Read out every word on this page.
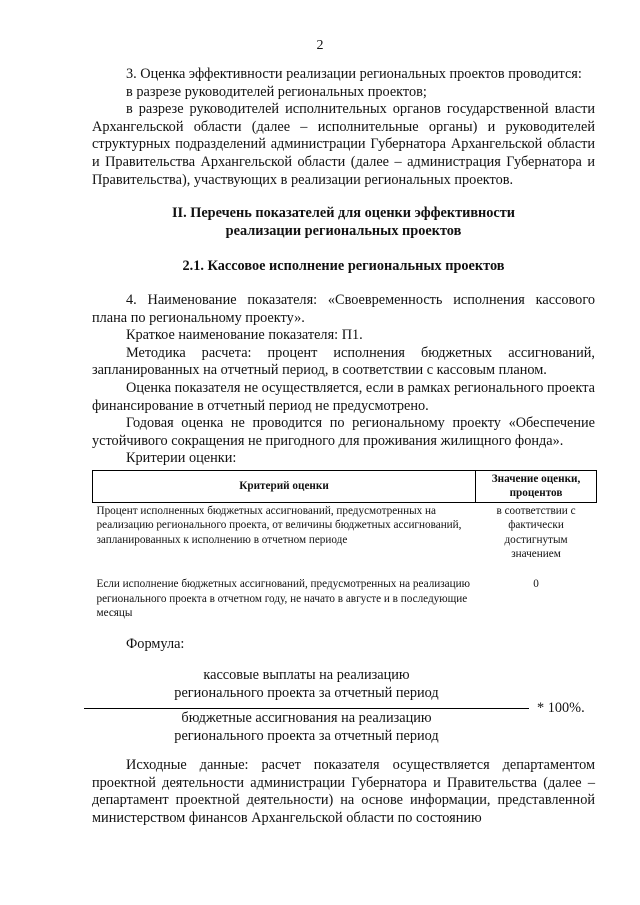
2

3. Оценка эффективности реализации региональных проектов проводится:

в разрезе руководителей региональных проектов;

в разрезе руководителей исполнительных органов государственной власти Архангельской области (далее – исполнительные органы) и руководителей структурных подразделений администрации Губернатора Архангельской области и Правительства Архангельской области (далее – администрация Губернатора и Правительства), участвующих в реализации региональных проектов.

II. Перечень показателей для оценки эффективности
реализации региональных проектов
2.1. Кассовое исполнение региональных проектов

4. Наименование показателя: «Своевременность исполнения кассового плана по региональному проекту».

Краткое наименование показателя: П1.

Методика расчета: процент исполнения бюджетных ассигнований, запланированных на отчетный период, в соответствии с кассовым планом.

Оценка показателя не осуществляется, если в рамках регионального проекта финансирование в отчетный период не предусмотрено.

Годовая оценка не проводится по региональному проекту «Обеспечение устойчивого сокращения не пригодного для проживания жилищного фонда».

Критерии оценки:

Критерий оценки	Значение оценки, процентов
Процент исполненных бюджетных ассигнований, предусмотренных на реализацию регионального проекта, от величины бюджетных ассигнований, запланированных к исполнению в отчетном периоде	в соответствии с фактически достигнутым значением
Если исполнение бюджетных ассигнований, предусмотренных на реализацию регионального проекта в отчетном году, не начато в августе и в последующие месяцы	0

Формула:

кассовые выплаты на реализацию
регионального проекта за отчетный период
бюджетные ассигнования на реализацию
регионального проекта за отчетный период
* 100%.

Исходные данные: расчет показателя осуществляется департаментом проектной деятельности администрации Губернатора и Правительства (далее – департамент проектной деятельности) на основе информации, представленной министерством финансов Архангельской области по состоянию
